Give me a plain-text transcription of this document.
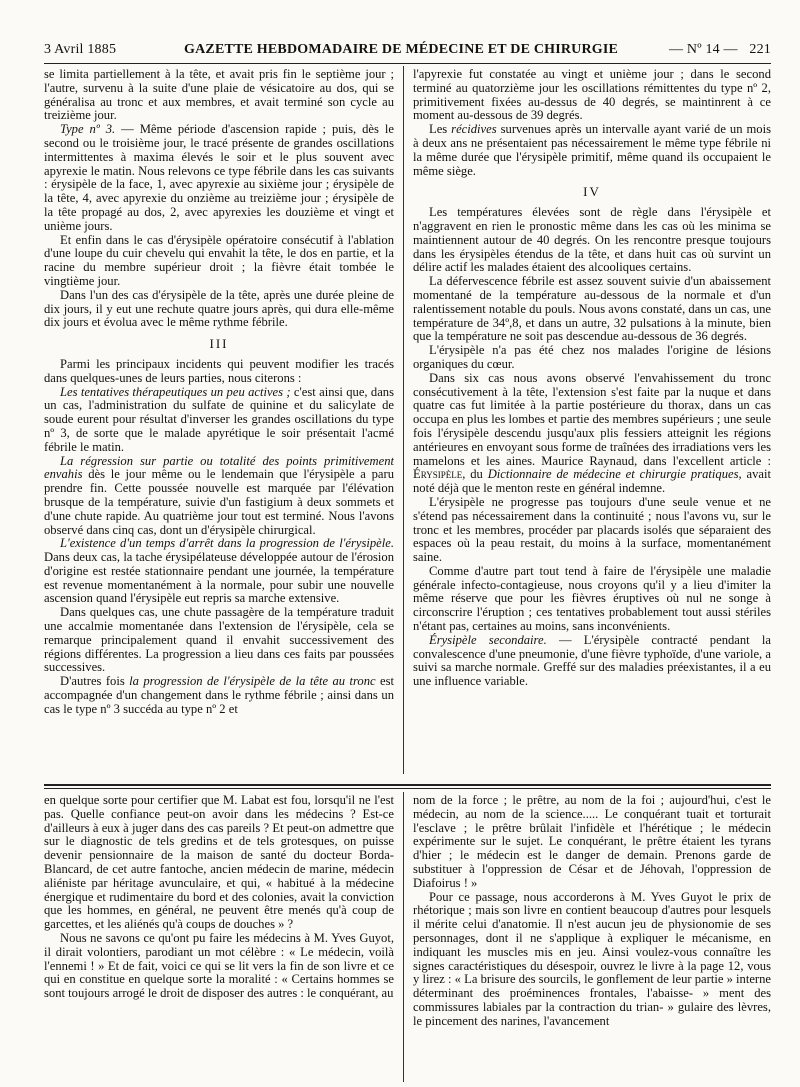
3 Avril 1885	GAZETTE HEBDOMADAIRE DE MÉDECINE ET DE CHIRURGIE	— Nº 14 — 221

se limita partiellement à la tête, et avait pris fin le septième jour ; l'autre, survenu à la suite d'une plaie de vésicatoire au dos, qui se généralisa au tronc et aux membres, et avait terminé son cycle au treizième jour.

Type nº 3. — Même période d'ascension rapide ; puis, dès le second ou le troisième jour, le tracé présente de grandes oscillations intermittentes à maxima élevés le soir et le plus souvent avec apyrexie le matin. Nous relevons ce type fébrile dans les cas suivants : érysipèle de la face, 1, avec apyrexie au sixième jour ; érysipèle de la tête, 4, avec apyrexie du onzième au treizième jour ; érysipèle de la tête propagé au dos, 2, avec apyrexies les douzième et vingt et unième jours.

Et enfin dans le cas d'érysipèle opératoire consécutif à l'ablation d'une loupe du cuir chevelu qui envahit la tête, le dos en partie, et la racine du membre supérieur droit ; la fièvre était tombée le vingtième jour.

Dans l'un des cas d'érysipèle de la tête, après une durée pleine de dix jours, il y eut une rechute quatre jours après, qui dura elle-même dix jours et évolua avec le même rythme fébrile.

III

Parmi les principaux incidents qui peuvent modifier les tracés dans quelques-unes de leurs parties, nous citerons :

Les tentatives thérapeutiques un peu actives ; c'est ainsi que, dans un cas, l'administration du sulfate de quinine et du salicylate de soude eurent pour résultat d'inverser les grandes oscillations du type nº 3, de sorte que le malade apyrétique le soir présentait l'acmé fébrile le matin.

La régression sur partie ou totalité des points primitivement envahis dès le jour même ou le lendemain que l'érysipèle a paru prendre fin. Cette poussée nouvelle est marquée par l'élévation brusque de la température, suivie d'un fastigium à deux sommets et d'une chute rapide. Au quatrième jour tout est terminé. Nous l'avons observé dans cinq cas, dont un d'érysipèle chirurgical.

L'existence d'un temps d'arrêt dans la progression de l'érysipèle. Dans deux cas, la tache érysipélateuse développée autour de l'érosion d'origine est restée stationnaire pendant une journée, la température est revenue momentanément à la normale, pour subir une nouvelle ascension quand l'érysipèle eut repris sa marche extensive.

Dans quelques cas, une chute passagère de la température traduit une accalmie momentanée dans l'extension de l'érysipèle, cela se remarque principalement quand il envahit successivement des régions différentes. La progression a lieu dans ces faits par poussées successives.

D'autres fois la progression de l'érysipèle de la tête au tronc est accompagnée d'un changement dans le rythme fébrile ; ainsi dans un cas le type nº 3 succéda au type nº 2 et

l'apyrexie fut constatée au vingt et unième jour ; dans le second terminé au quatorzième jour les oscillations rémittentes du type nº 2, primitivement fixées au-dessus de 40 degrés, se maintinrent à ce moment au-dessous de 39 degrés.

Les récidives survenues après un intervalle ayant varié de un mois à deux ans ne présentaient pas nécessairement le même type fébrile ni la même durée que l'érysipèle primitif, même quand ils occupaient le même siège.

IV

Les températures élevées sont de règle dans l'érysipèle et n'aggravent en rien le pronostic même dans les cas où les minima se maintiennent autour de 40 degrés. On les rencontre presque toujours dans les érysipèles étendus de la tête, et dans huit cas où survint un délire actif les malades étaient des alcooliques certains.

La défervescence fébrile est assez souvent suivie d'un abaissement momentané de la température au-dessous de la normale et d'un ralentissement notable du pouls. Nous avons constaté, dans un cas, une température de 34º,8, et dans un autre, 32 pulsations à la minute, bien que la température ne soit pas descendue au-dessous de 36 degrés.

L'érysipèle n'a pas été chez nos malades l'origine de lésions organiques du cœur.

Dans six cas nous avons observé l'envahissement du tronc consécutivement à la tête, l'extension s'est faite par la nuque et dans quatre cas fut limitée à la partie postérieure du thorax, dans un cas occupa en plus les lombes et partie des membres supérieurs ; une seule fois l'érysipèle descendu jusqu'aux plis fessiers atteignit les régions antérieures en envoyant sous forme de traînées des irradiations vers les mamelons et les aines. Maurice Raynaud, dans l'excellent article : Érysipèle, du Dictionnaire de médecine et chirurgie pratiques, avait noté déjà que le menton reste en général indemne.

L'érysipèle ne progresse pas toujours d'une seule venue et ne s'étend pas nécessairement dans la continuité ; nous l'avons vu, sur le tronc et les membres, procéder par placards isolés que séparaient des espaces où la peau restait, du moins à la surface, momentanément saine.

Comme d'autre part tout tend à faire de l'érysipèle une maladie générale infecto-contagieuse, nous croyons qu'il y a lieu d'imiter la même réserve que pour les fièvres éruptives où nul ne songe à circonscrire l'éruption ; ces tentatives probablement tout aussi stériles n'étant pas, certaines au moins, sans inconvénients.

Érysipèle secondaire. — L'érysipèle contracté pendant la convalescence d'une pneumonie, d'une fièvre typhoïde, d'une variole, a suivi sa marche normale. Greffé sur des maladies préexistantes, il a eu une influence variable.

en quelque sorte pour certifier que M. Labat est fou, lorsqu'il ne l'est pas. Quelle confiance peut-on avoir dans les médecins ? Est-ce d'ailleurs à eux à juger dans des cas pareils ? Et peut-on admettre que sur le diagnostic de tels gredins et de tels grotesques, on puisse devenir pensionnaire de la maison de santé du docteur Borda-Blancard, de cet autre fantoche, ancien médecin de marine, médecin aliéniste par héritage avunculaire, et qui, « habitué à la médecine énergique et rudimentaire du bord et des colonies, avait la conviction que les hommes, en général, ne peuvent être menés qu'à coup de garcettes, et les aliénés qu'à coups de douches » ?

Nous ne savons ce qu'ont pu faire les médecins à M. Yves Guyot, il dirait volontiers, parodiant un mot célèbre : « Le médecin, voilà l'ennemi ! » Et de fait, voici ce qui se lit vers la fin de son livre et ce qui en constitue en quelque sorte la moralité : « Certains hommes se sont toujours arrogé le droit de disposer des autres : le conquérant, au

nom de la force ; le prêtre, au nom de la foi ; aujourd'hui, c'est le médecin, au nom de la science..... Le conquérant tuait et torturait l'esclave ; le prêtre brûlait l'infidèle et l'hérétique ; le médecin expérimente sur le sujet. Le conquérant, le prêtre étaient les tyrans d'hier ; le médecin est le danger de demain. Prenons garde de substituer à l'oppression de César et de Jéhovah, l'oppression de Diafoirus ! »

Pour ce passage, nous accorderons à M. Yves Guyot le prix de rhétorique ; mais son livre en contient beaucoup d'autres pour lesquels il mérite celui d'anatomie. Il n'est aucun jeu de physionomie de ses personnages, dont il ne s'applique à expliquer le mécanisme, en indiquant les muscles mis en jeu. Ainsi voulez-vous connaître les signes caractéristiques du désespoir, ouvrez le livre à la page 12, vous y lirez : « La brisure des sourcils, le gonflement de leur partie » interne déterminant des proéminences frontales, l'abaisse- » ment des commissures labiales par la contraction du trian- » gulaire des lèvres, le pincement des narines, l'avancement
